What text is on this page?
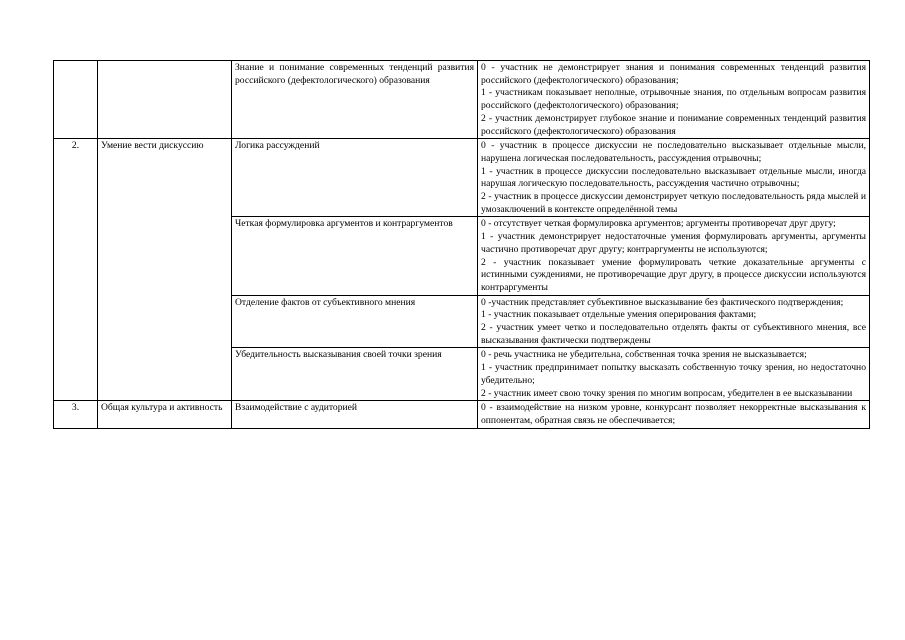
		Знание и понимание современных тенденций развития российского (дефектологического) образования	0 - участник не демонстрирует знания и понимания современных тенденций развития российского (дефектологического) образования;
1 - участникам показывает неполные, отрывочные знания, по отдельным вопросам развития российского (дефектологического) образования;
2 - участник демонстрирует глубокое знание и понимание современных тенденций развития российского (дефектологического) образования

2.	Умение вести дискуссию	Логика рассуждений	0 - участник в процессе дискуссии не последовательно высказывает отдельные мысли, нарушена логическая последовательность, рассуждения отрывочны;
1 - участник в процессе дискуссии последовательно высказывает отдельные мысли, иногда нарушая логическую последовательность, рассуждения частично отрывочны;
2 - участник в процессе дискуссии демонстрирует четкую последовательность ряда мыслей и умозаключений в контексте определённой темы

		Четкая формулировка аргументов и контраргументов	0 - отсутствует четкая формулировка аргументов; аргументы противоречат друг другу;
1 - участник демонстрирует недостаточные умения формулировать аргументы, аргументы частично противоречат друг другу; контраргументы не используются;
2 - участник показывает умение формулировать четкие доказательные аргументы с истинными суждениями, не противоречащие друг другу, в процессе дискуссии используются контраргументы

		Отделение фактов от субъективного мнения	0 -участник представляет субъективное высказывание без фактического подтверждения;
1 - участник показывает отдельные умения оперирования фактами;
2 - участник умеет четко и последовательно отделять факты от субъективного мнения, все высказывания фактически подтверждены

		Убедительность высказывания своей точки зрения	0 - речь участника не убедительна, собственная точка зрения не высказывается;
1 - участник предпринимает попытку высказать собственную точку зрения, но недостаточно убедительно;
2 - участник имеет свою точку зрения по многим вопросам, убедителен в ее высказывании

3.	Общая культура и активность	Взаимодействие с аудиторией	0 - взаимодействие на низком уровне, конкурсант позволяет некорректные высказывания к оппонентам, обратная связь не обеспечивается;
